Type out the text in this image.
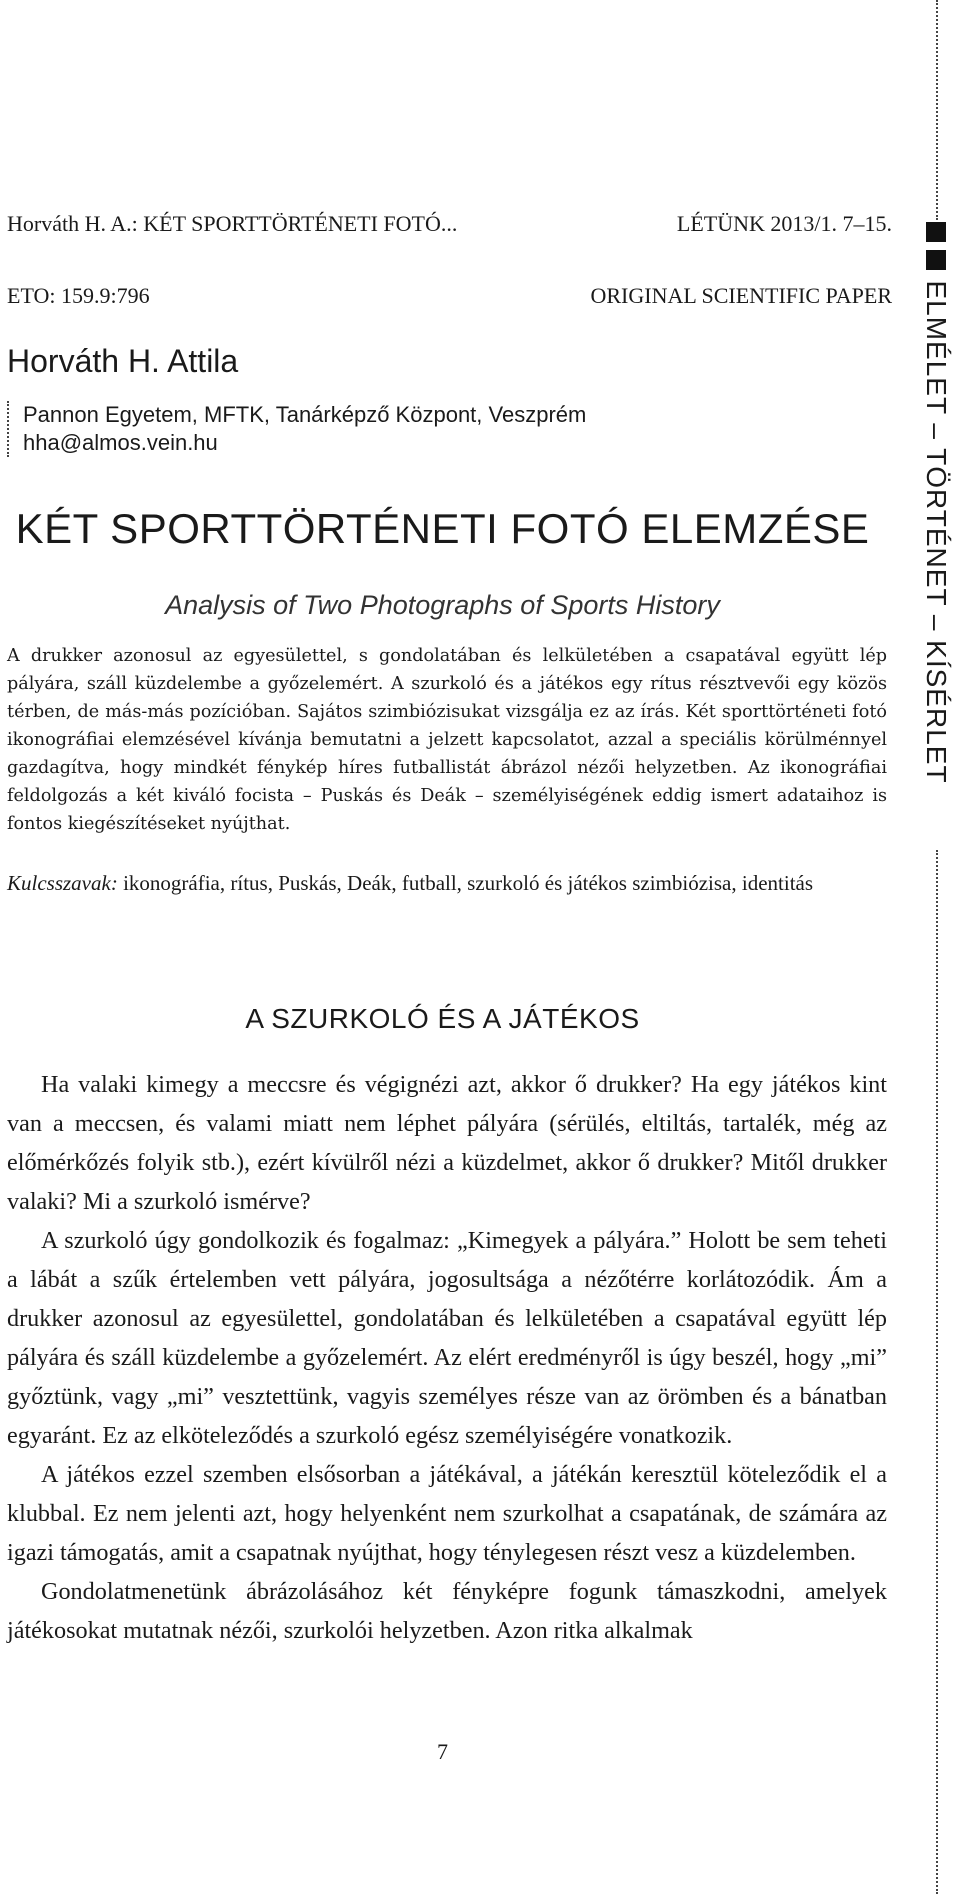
Horváth H. A.: KÉT SPORTTÖRTÉNETI FOTÓ...	LÉTÜNK 2013/1. 7–15.
ETO: 159.9:796	ORIGINAL SCIENTIFIC PAPER
Horváth H. Attila
Pannon Egyetem, MFTK, Tanárképző Központ, Veszprém
hha@almos.vein.hu
KÉT SPORTTÖRTÉNETI FOTÓ ELEMZÉSE
Analysis of Two Photographs of Sports History
A drukker azonosul az egyesülettel, s gondolatában és lelkületében a csapatával együtt lép pályára, száll küzdelembe a győzelemért. A szurkoló és a játékos egy rítus résztvevői egy közös térben, de más-más pozícióban. Sajátos szimbiózisukat vizsgálja ez az írás. Két sporttörténeti fotó ikonográfiai elemzésével kívánja bemutatni a jelzett kapcsolatot, azzal a speciális körülménnyel gazdagítva, hogy mindkét fénykép híres futballistát ábrázol nézői helyzetben. Az ikonográfiai feldolgozás a két kiváló focista – Puskás és Deák – személyiségének eddig ismert adataihoz is fontos kiegészítéseket nyújthat.
Kulcsszavak: ikonográfia, rítus, Puskás, Deák, futball, szurkoló és játékos szimbiózisa, identitás
A SZURKOLÓ ÉS A JÁTÉKOS

Ha valaki kimegy a meccsre és végignézi azt, akkor ő drukker? Ha egy játékos kint van a meccsen, és valami miatt nem léphet pályára (sérülés, eltiltás, tartalék, még az előmérkőzés folyik stb.), ezért kívülről nézi a küzdelmet, akkor ő drukker? Mitől drukker valaki? Mi a szurkoló ismérve?

A szurkoló úgy gondolkozik és fogalmaz: „Kimegyek a pályára.” Holott be sem teheti a lábát a szűk értelemben vett pályára, jogosultsága a nézőtérre korlátozódik. Ám a drukker azonosul az egyesülettel, gondolatában és lelkületében a csapatával együtt lép pályára és száll küzdelembe a győzelemért. Az elért eredményről is úgy beszél, hogy „mi” győztünk, vagy „mi” vesztettünk, vagyis személyes része van az örömben és a bánatban egyaránt. Ez az elköteleződés a szurkoló egész személyiségére vonatkozik.

A játékos ezzel szemben elsősorban a játékával, a játékán keresztül köteleződik el a klubbal. Ez nem jelenti azt, hogy helyenként nem szurkolhat a csapatának, de számára az igazi támogatás, amit a csapatnak nyújthat, hogy ténylegesen részt vesz a küzdelemben.

Gondolatmenetünk ábrázolásához két fényképre fogunk támaszkodni, amelyek játékosokat mutatnak nézői, szurkolói helyzetben. Azon ritka alkalmak

7
ELMÉLET – TÖRTÉNET – KÍSÉRLET
